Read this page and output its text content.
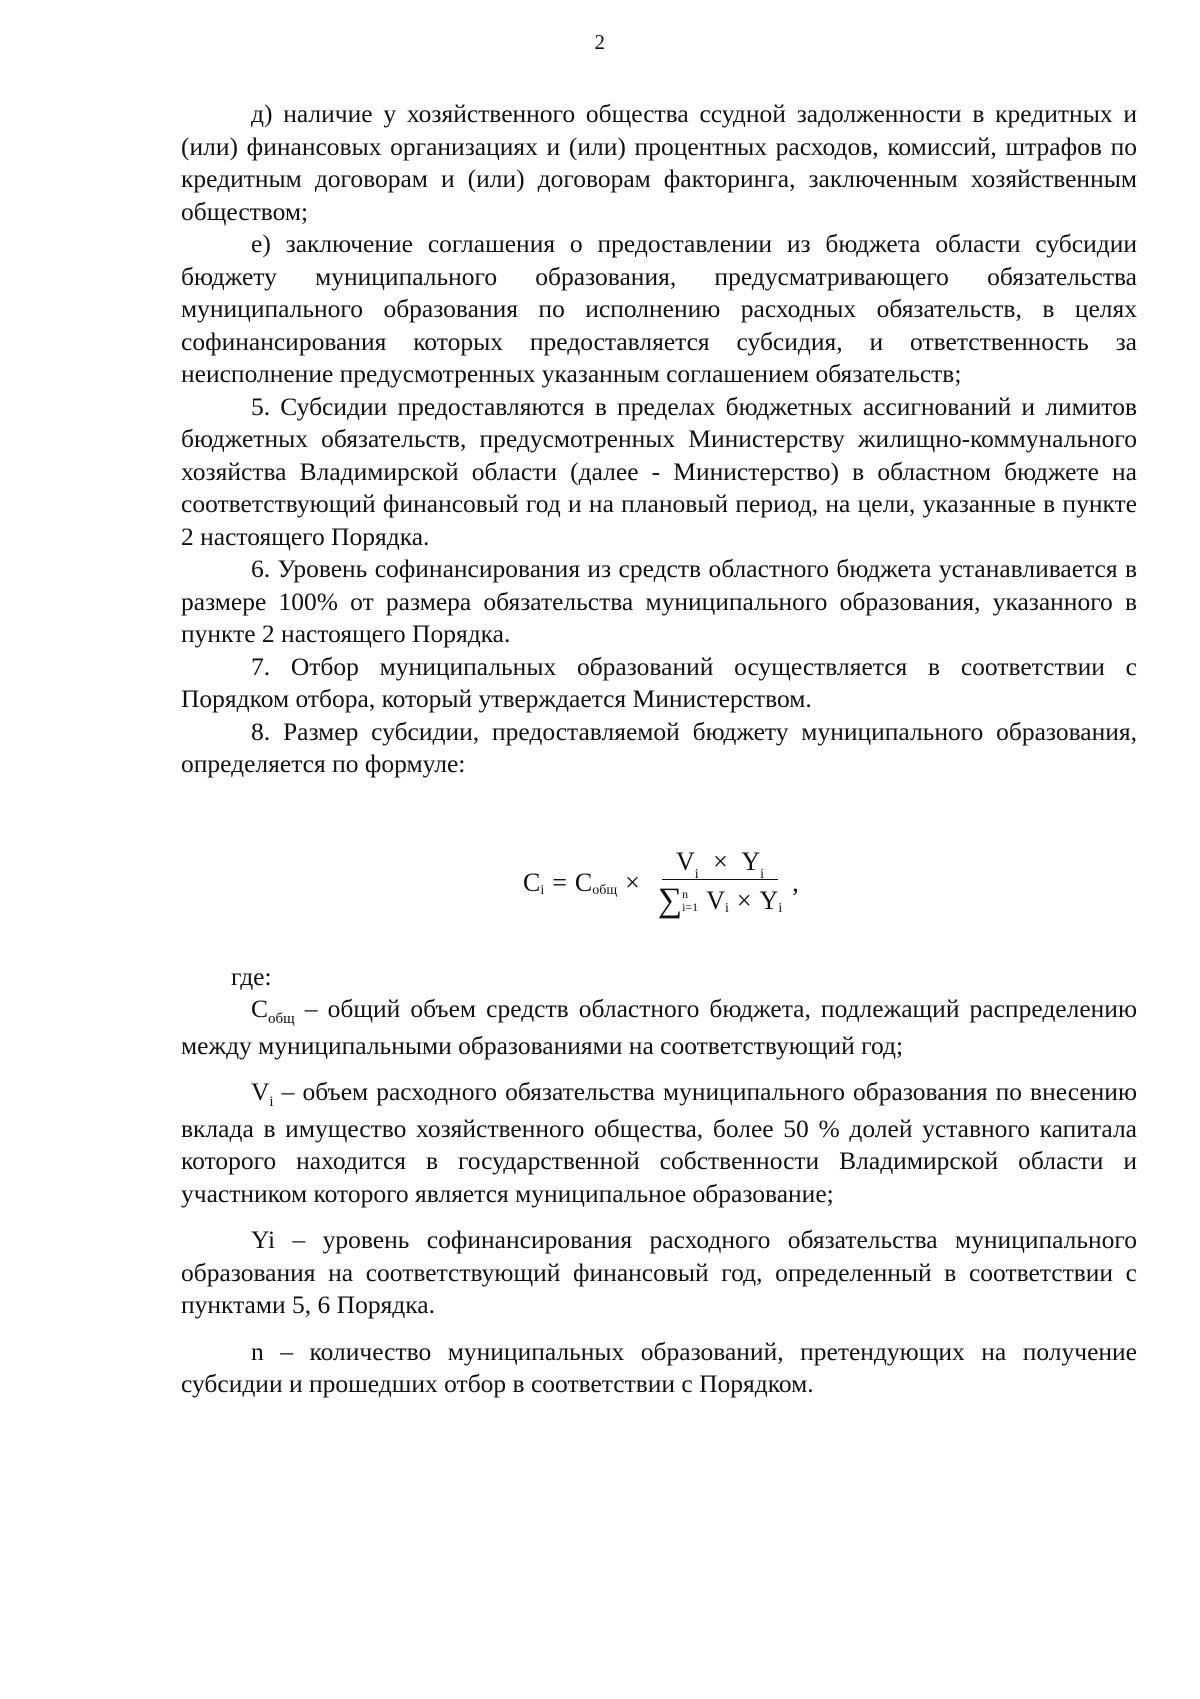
2

д) наличие у хозяйственного общества ссудной задолженности в кредитных и (или) финансовых организациях и (или) процентных расходов, комиссий, штрафов по кредитным договорам и (или) договорам факторинга, заключенным хозяйственным обществом;

е) заключение соглашения о предоставлении из бюджета области субсидии бюджету муниципального образования, предусматривающего обязательства муниципального образования по исполнению расходных обязательств, в целях софинансирования которых предоставляется субсидия, и ответственность за неисполнение предусмотренных указанным соглашением обязательств;

5. Субсидии предоставляются в пределах бюджетных ассигнований и лимитов бюджетных обязательств, предусмотренных Министерству жилищно-коммунального хозяйства Владимирской области (далее - Министерство) в областном бюджете на соответствующий финансовый год и на плановый период, на цели, указанные в пункте 2 настоящего Порядка.

6. Уровень софинансирования из средств областного бюджета устанавливается в размере 100% от размера обязательства муниципального образования, указанного в пункте 2 настоящего Порядка.

7. Отбор муниципальных образований осуществляется в соответствии с Порядком отбора, который утверждается Министерством.

8. Размер субсидии, предоставляемой бюджету муниципального образования, определяется по формуле:

C i = C общ ×
$V_i \times Y_i$
∑ n
i=1 V i × Y i
,

где:

$С_{общ}$ – общий объем средств областного бюджета, подлежащий распределению между муниципальными образованиями на соответствующий год;

$V_i$ – объем расходного обязательства муниципального образования по внесению вклада в имущество хозяйственного общества, более 50 % долей уставного капитала которого находится в государственной собственности Владимирской области и участником которого является муниципальное образование;

Yi – уровень софинансирования расходного обязательства муниципального образования на соответствующий финансовый год, определенный в соответствии с пунктами 5, 6 Порядка.

n – количество муниципальных образований, претендующих на получение субсидии и прошедших отбор в соответствии с Порядком.
